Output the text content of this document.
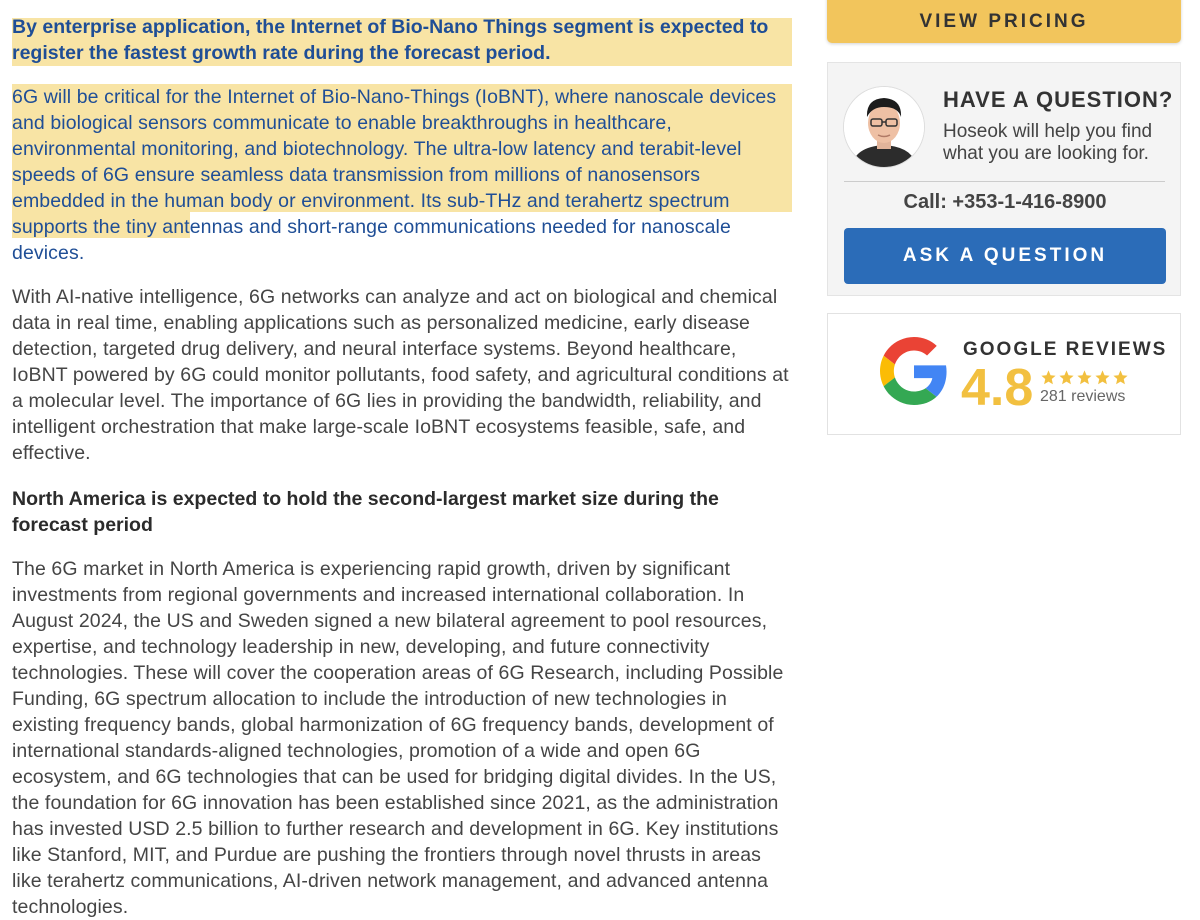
By enterprise application, the Internet of Bio-Nano Things segment is expected to register the fastest growth rate during the forecast period.

6G will be critical for the Internet of Bio-Nano-Things (IoBNT), where nanoscale devices and biological sensors communicate to enable breakthroughs in healthcare, environmental monitoring, and biotechnology. The ultra-low latency and terabit-level speeds of 6G ensure seamless data transmission from millions of nanosensors embedded in the human body or environment. Its sub-THz and terahertz spectrum supports the tiny antennas and short-range communications needed for nanoscale devices.

With AI-native intelligence, 6G networks can analyze and act on biological and chemical data in real time, enabling applications such as personalized medicine, early disease detection, targeted drug delivery, and neural interface systems. Beyond healthcare, IoBNT powered by 6G could monitor pollutants, food safety, and agricultural conditions at a molecular level. The importance of 6G lies in providing the bandwidth, reliability, and intelligent orchestration that make large-scale IoBNT ecosystems feasible, safe, and effective.

North America is expected to hold the second-largest market size during the forecast period

The 6G market in North America is experiencing rapid growth, driven by significant investments from regional governments and increased international collaboration. In August 2024, the US and Sweden signed a new bilateral agreement to pool resources, expertise, and technology leadership in new, developing, and future connectivity technologies. These will cover the cooperation areas of 6G Research, including Possible Funding, 6G spectrum allocation to include the introduction of new technologies in existing frequency bands, global harmonization of 6G frequency bands, development of international standards-aligned technologies, promotion of a wide and open 6G ecosystem, and 6G technologies that can be used for bridging digital divides. In the US, the foundation for 6G innovation has been established since 2021, as the administration has invested USD 2.5 billion to further research and development in 6G. Key institutions like Stanford, MIT, and Purdue are pushing the frontiers through novel thrusts in areas like terahertz communications, AI-driven network management, and advanced antenna technologies.

VIEW PRICING
HAVE A QUESTION?
Hoseok will help you find what you are looking for.
Call: +353-1-416-8900
ASK A QUESTION
GOOGLE REVIEWS
4.8 281 reviews
